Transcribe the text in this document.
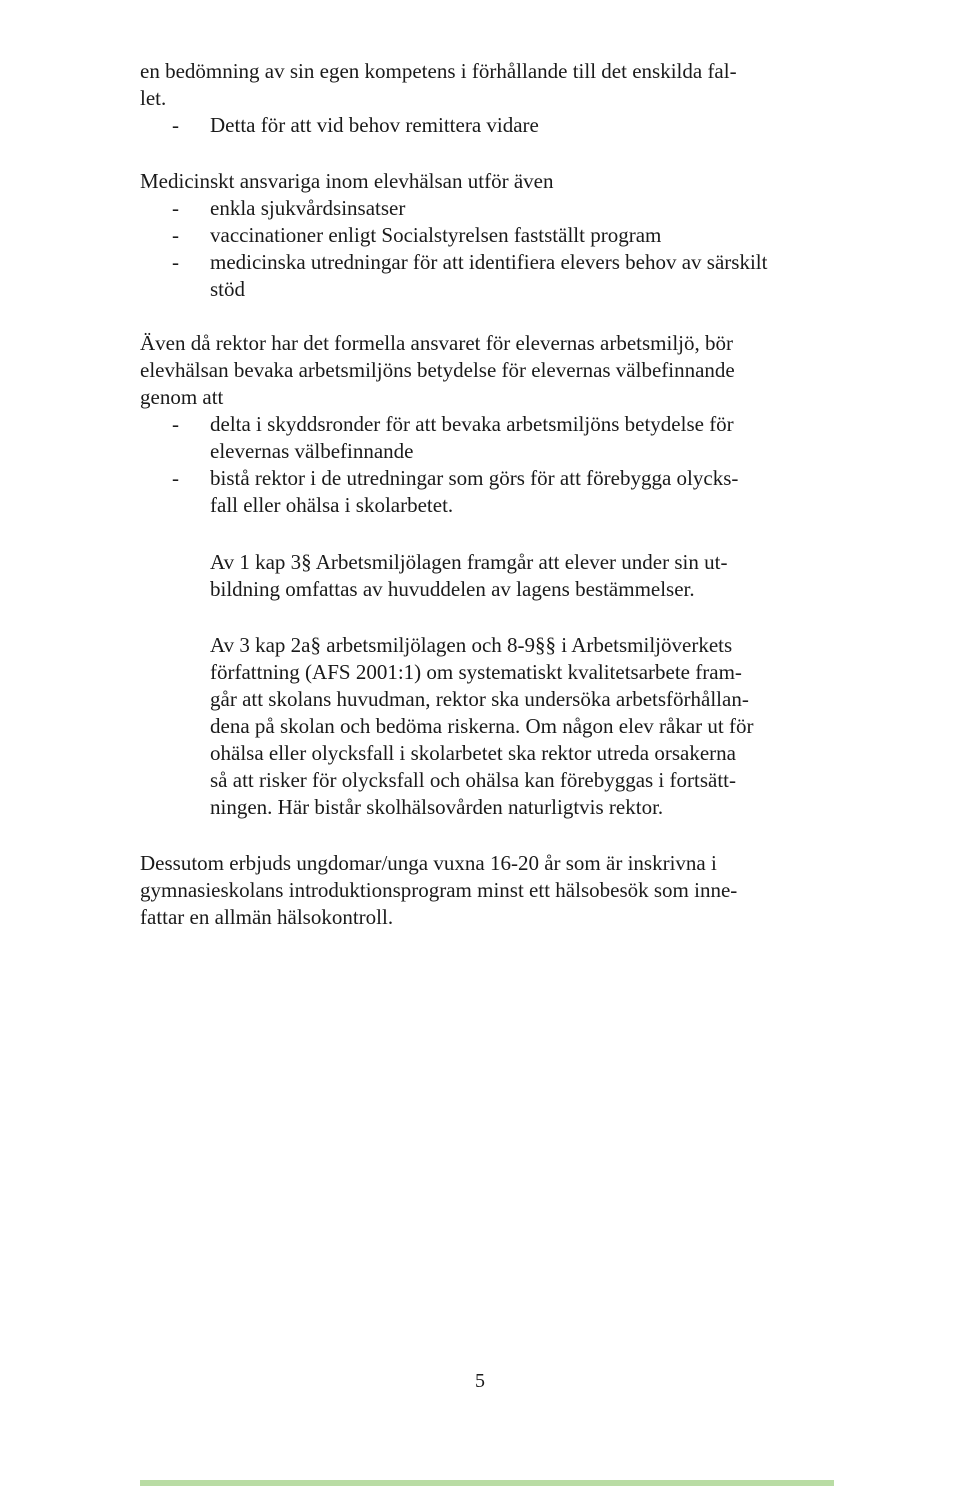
en bedömning av sin egen kompetens i förhållande till det enskilda fal-
let.
- Detta för att vid behov remittera vidare
Medicinskt ansvariga inom elevhälsan utför även
- enkla sjukvårdsinsatser
- vaccinationer enligt Socialstyrelsen fastställt program
- medicinska utredningar för att identifiera elevers behov av särskilt
stöd
Även då rektor har det formella ansvaret för elevernas arbetsmiljö, bör
elevhälsan bevaka arbetsmiljöns betydelse för elevernas välbefinnande
genom att
- delta i skyddsronder för att bevaka arbetsmiljöns betydelse för
elevernas välbefinnande
- bistå rektor i de utredningar som görs för att förebygga olycks-
fall eller ohälsa i skolarbetet.
Av 1 kap 3§ Arbetsmiljölagen framgår att elever under sin ut-
bildning omfattas av huvuddelen av lagens bestämmelser.
Av 3 kap 2a§ arbetsmiljölagen och 8-9§§ i Arbetsmiljöverkets
författning (AFS 2001:1) om systematiskt kvalitetsarbete fram-
går att skolans huvudman, rektor ska undersöka arbetsförhållan-
dena på skolan och bedöma riskerna. Om någon elev råkar ut för
ohälsa eller olycksfall i skolarbetet ska rektor utreda orsakerna
så att risker för olycksfall och ohälsa kan förebyggas i fortsätt-
ningen. Här bistår skolhälsovården naturligtvis rektor.
Dessutom erbjuds ungdomar/unga vuxna 16-20 år som är inskrivna i
gymnasieskolans introduktionsprogram minst ett hälsobesök som inne-
fattar en allmän hälsokontroll.
5
